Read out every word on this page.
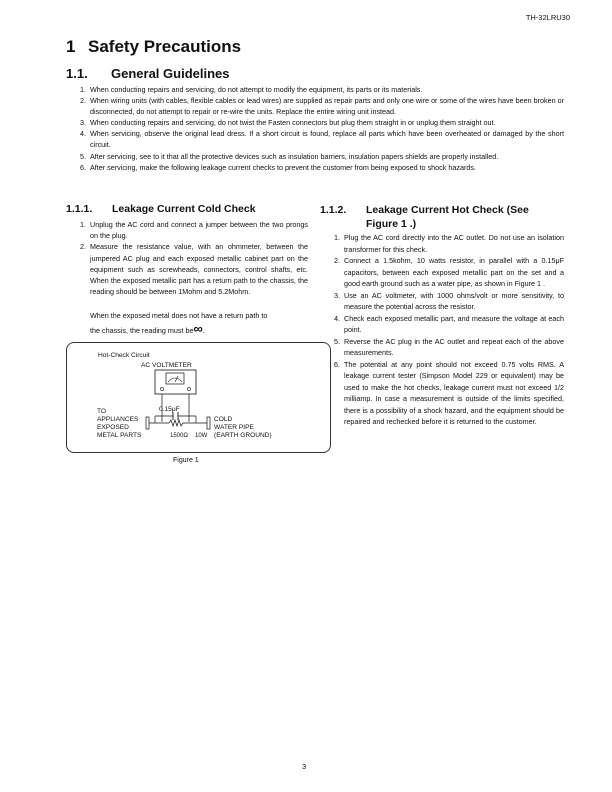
TH-32LRU30
1 Safety Precautions
1.1. General Guidelines
1. When conducting repairs and servicing, do not attempt to modify the equipment, its parts or its materials.
2. When wiring units (with cables, flexible cables or lead wires) are supplied as repair parts and only one wire or some of the wires have been broken or disconnected, do not attempt to repair or re-wire the units. Replace the entire wiring unit instead.
3. When conducting repairs and servicing, do not twist the Fasten connectors but plug them straight in or unplug them straight out.
4. When servicing, observe the original lead dress. If a short circuit is found, replace all parts which have been overheated or damaged by the short circuit.
5. After servicing, see to it that all the protective devices such as insulation barriers, insulation papers shields are properly installed.
6. After servicing, make the following leakage current checks to prevent the customer from being exposed to shock hazards.
1.1.1. Leakage Current Cold Check
1. Unplug the AC cord and connect a jumper between the two prongs on the plug.
2. Measure the resistance value, with an ohmmeter, between the jumpered AC plug and each exposed metallic cabinet part on the equipment such as screwheads, connectors, control shafts, etc. When the exposed metallic part has a return path to the chassis, the reading should be between 1Mohm and 5.2Mohm.
When the exposed metal does not have a return path to
the chassis, the reading must be∞.
1.1.2. Leakage Current Hot Check (See
Figure 1 .)
1. Plug the AC cord directly into the AC outlet. Do not use an isolation transformer for this check.
2. Connect a 1.5kohm, 10 watts resistor, in parallel with a 0.15μF capacitors, between each exposed metallic part on the set and a good earth ground such as a water pipe, as shown in Figure 1 .
3. Use an AC voltmeter, with 1000 ohms/volt or more sensitivity, to measure the potential across the resistor.
4. Check each exposed metallic part, and measure the voltage at each point.
5. Reverse the AC plug in the AC outlet and repeat each of the above measurements.
6. The potential at any point should not exceed 0.75 volts RMS. A leakage current tester (Simpson Model 229 or equivalent) may be used to make the hot checks, leakage current must not exceed 1/2 milliamp. In case a measurement is outside of the limits specified, there is a possibility of a shock hazard, and the equipment should be repaired and rechecked before it is returned to the customer.
Hot-Check Circuit
AC VOLTMETER
0.15μF
1500Ω 10W
TO
APPLIANCES
EXPOSED
METAL PARTS
COLD
WATER PIPE
(EARTH GROUND)
Figure 1
3
